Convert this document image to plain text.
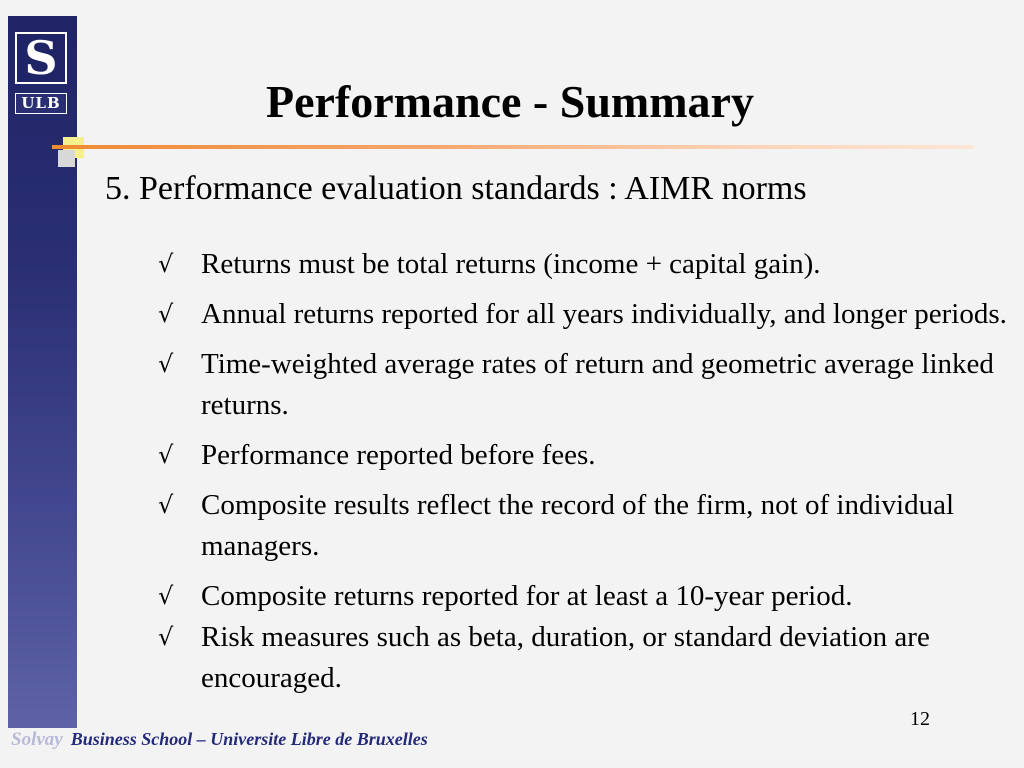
S
ULB	Performance - Summary
5. Performance evaluation standards : AIMR norms
√ Returns must be total returns (income + capital gain).
√ Annual returns reported for all years individually, and longer periods.
√ Time-weighted average rates of return and geometric average linked returns.
√ Performance reported before fees.
√ Composite results reflect the record of the firm, not of individual managers.
√ Composite returns reported for at least a 10-year period.
√ Risk measures such as beta, duration, or standard deviation are encouraged.
12
Solvay Business School – Universite Libre de Bruxelles
